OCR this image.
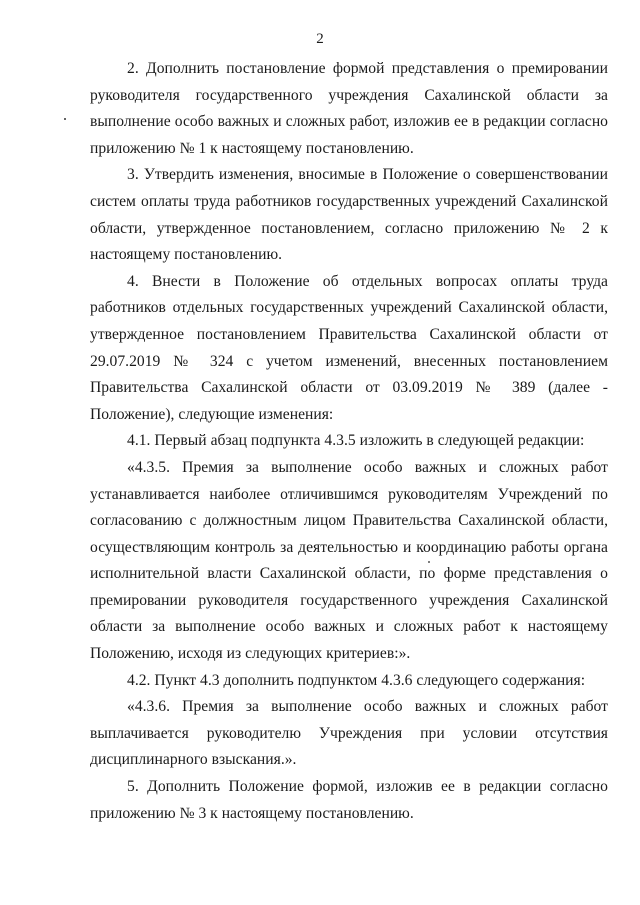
2

2. Дополнить постановление формой представления о премировании руководителя государственного учреждения Сахалинской области за выполнение особо важных и сложных работ, изложив ее в редакции согласно приложению № 1 к настоящему постановлению.

3. Утвердить изменения, вносимые в Положение о совершенствовании систем оплаты труда работников государственных учреждений Сахалинской области, утвержденное постановлением, согласно приложению № 2 к настоящему постановлению.

4. Внести в Положение об отдельных вопросах оплаты труда работников отдельных государственных учреждений Сахалинской области, утвержденное постановлением Правительства Сахалинской области от 29.07.2019 № 324 с учетом изменений, внесенных постановлением Правительства Сахалинской области от 03.09.2019 № 389 (далее - Положение), следующие изменения:

4.1. Первый абзац подпункта 4.3.5 изложить в следующей редакции:

«4.3.5. Премия за выполнение особо важных и сложных работ устанавливается наиболее отличившимся руководителям Учреждений по согласованию с должностным лицом Правительства Сахалинской области, осуществляющим контроль за деятельностью и координацию работы органа исполнительной власти Сахалинской области, по форме представления о премировании руководителя государственного учреждения Сахалинской области за выполнение особо важных и сложных работ к настоящему Положению, исходя из следующих критериев:».

4.2. Пункт 4.3 дополнить подпунктом 4.3.6 следующего содержания:

«4.3.6. Премия за выполнение особо важных и сложных работ выплачивается руководителю Учреждения при условии отсутствия дисциплинарного взыскания.».

5. Дополнить Положение формой, изложив ее в редакции согласно приложению № 3 к настоящему постановлению.
